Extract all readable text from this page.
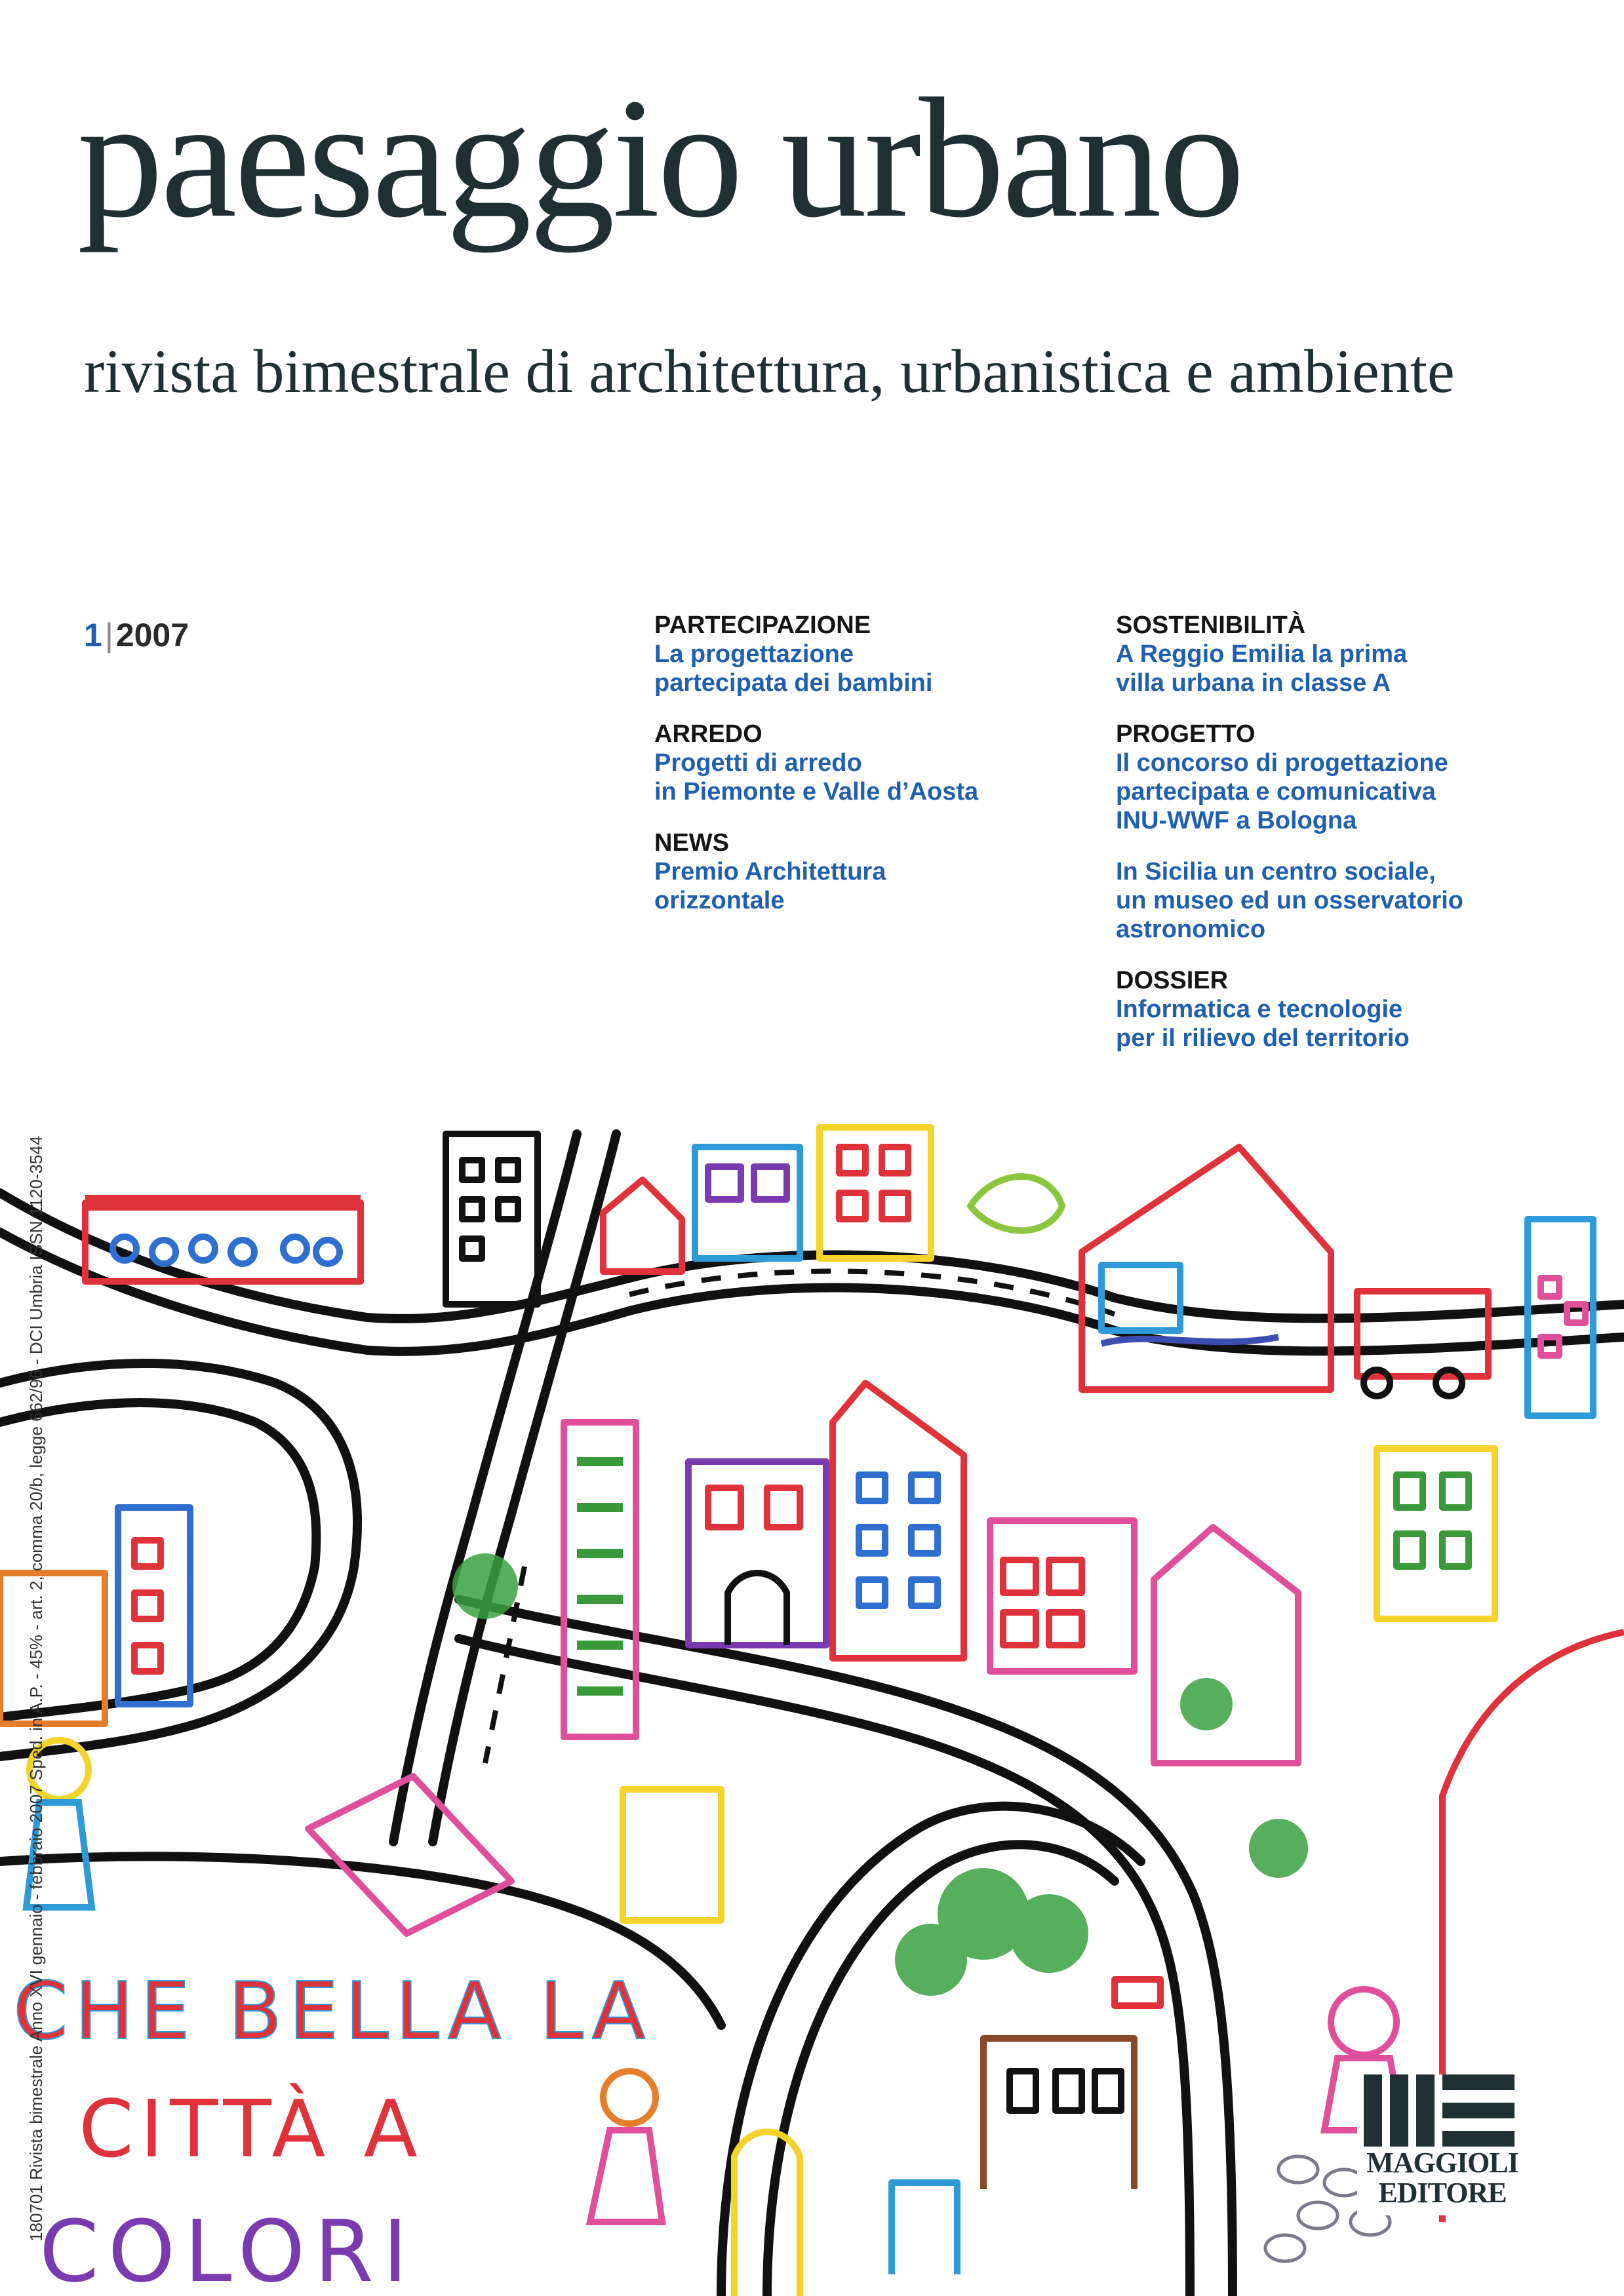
paesaggio urbano
rivista bimestrale di architettura, urbanistica e ambiente
1|2007	PARTECIPAZIONE

La progettazione
partecipata dei bambini

ARREDO

Progetti di arredo
in Piemonte e Valle d’Aosta

NEWS

Premio Architettura
orizzontale

SOSTENIBILITÀ

A Reggio Emilia la prima
villa urbana in classe A

PROGETTO

Il concorso di progettazione
partecipata e comunicativa
INU-WWF a Bologna

In Sicilia un centro sociale,
un museo ed un osservatorio
astronomico

DOSSIER

Informatica e tecnologie
per il rilievo del territorio

CHE BELLA LA
CITTÀ A
COLORI
180701 Rivista bimestrale Anno XVI gennaio - febbraio 2007 Sped. in A.P. - 45% - art. 2, comma 20/b, legge 662/96 - DCI Umbria ISSN 1120-3544	MAGGIOLI
EDITORE
